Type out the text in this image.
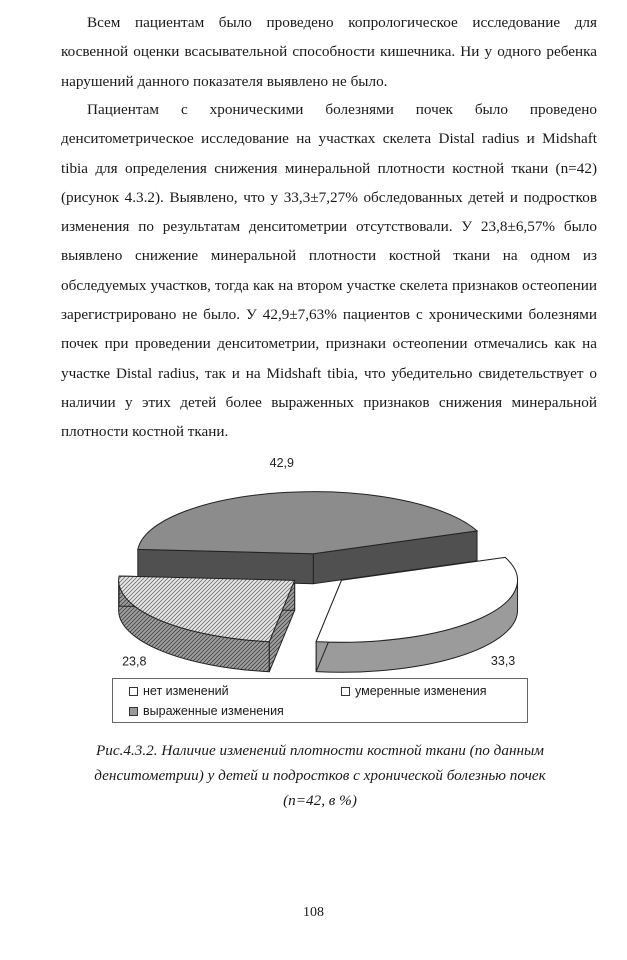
Всем пациентам было проведено копрологическое исследование для косвенной оценки всасывательной способности кишечника. Ни у одного ребенка нарушений данного показателя выявлено не было.

Пациентам с хроническими болезнями почек было проведено денситометрическое исследование на участках скелета Distal radius и Midshaft tibia для определения снижения минеральной плотности костной ткани (n=42) (рисунок 4.3.2). Выявлено, что у 33,3±7,27% обследованных детей и подростков изменения по результатам денситометрии отсутствовали. У 23,8±6,57% было выявлено снижение минеральной плотности костной ткани на одном из обследуемых участков, тогда как на втором участке скелета признаков остеопении зарегистрировано не было. У 42,9±7,63% пациентов с хроническими болезнями почек при проведении денситометрии, признаки остеопении отмечались как на участке Distal radius, так и на Midshaft tibia, что убедительно свидетельствует о наличии у этих детей более выраженных признаков снижения минеральной плотности костной ткани.

33,3
23,8
42,9
нет изменений	умеренные изменения
выраженные изменения

Рис.4.3.2. Наличие изменений плотности костной ткани (по данным
денситометрии) у детей и подростков с хронической болезнью почек
(n=42, в %)

108
